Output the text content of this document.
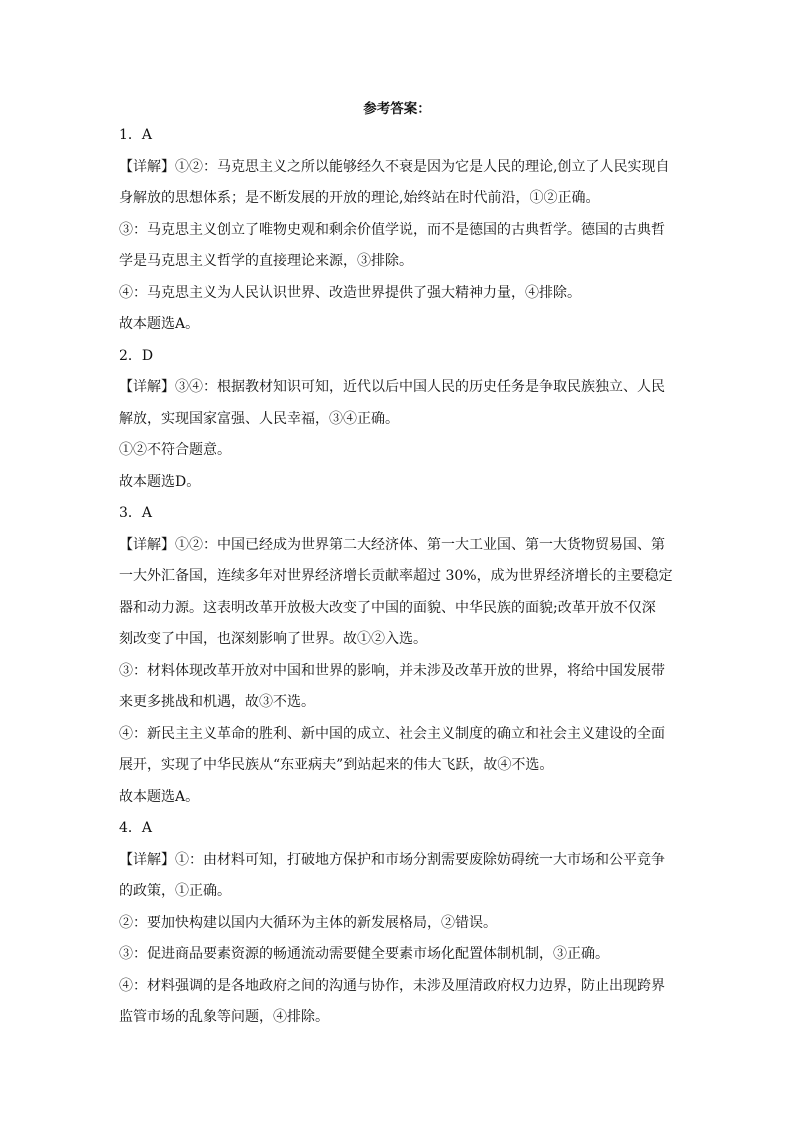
参考答案：
1．A
【详解】①②：马克思主义之所以能够经久不衰是因为它是人民的理论,创立了人民实现自
身解放的思想体系；是不断发展的开放的理论,始终站在时代前沿，①②正确。
③：马克思主义创立了唯物史观和剩余价值学说，而不是德国的古典哲学。德国的古典哲
学是马克思主义哲学的直接理论来源，③排除。
④：马克思主义为人民认识世界、改造世界提供了强大精神力量，④排除。
故本题选A。
2．D
【详解】③④：根据教材知识可知，近代以后中国人民的历史任务是争取民族独立、人民
解放，实现国家富强、人民幸福，③④正确。
①②不符合题意。
故本题选D。
3．A
【详解】①②：中国已经成为世界第二大经济体、第一大工业国、第一大货物贸易国、第
一大外汇备国，连续多年对世界经济增长贡献率超过 30%，成为世界经济增长的主要稳定
器和动力源。这表明改革开放极大改变了中国的面貌、中华民族的面貌;改革开放不仅深
刻改变了中国，也深刻影响了世界。故①②入选。
③：材料体现改革开放对中国和世界的影响，并未涉及改革开放的世界，将给中国发展带
来更多挑战和机遇，故③不选。
④：新民主主义革命的胜利、新中国的成立、社会主义制度的确立和社会主义建设的全面
展开，实现了中华民族从“东亚病夫”到站起来的伟大飞跃，故④不选。
故本题选A。
4．A
【详解】①：由材料可知，打破地方保护和市场分割需要废除妨碍统一大市场和公平竞争
的政策，①正确。
②：要加快构建以国内大循环为主体的新发展格局，②错误。
③：促进商品要素资源的畅通流动需要健全要素市场化配置体制机制，③正确。
④：材料强调的是各地政府之间的沟通与协作，未涉及厘清政府权力边界，防止出现跨界
监管市场的乱象等问题，④排除。
